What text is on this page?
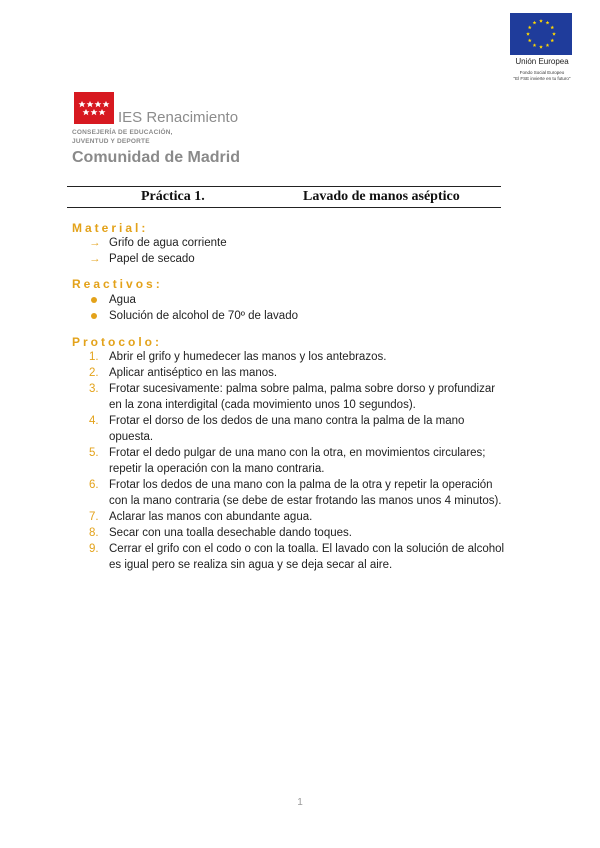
Unión Europea
Fondo Social Europeo
"El FSE invierte en tu futuro"
IES Renacimiento
CONSEJERÍA DE EDUCACIÓN,
JUVENTUD Y DEPORTE
Comunidad de Madrid
Práctica 1.	Lavado de manos aséptico
Material:
→ Grifo de agua corriente
→ Papel de secado
Reactivos:
Agua
Solución de alcohol de 70º de lavado
Protocolo:
1. Abrir el grifo y humedecer las manos y los antebrazos.
2. Aplicar antiséptico en las manos.
3. Frotar sucesivamente: palma sobre palma, palma sobre dorso y profundizar
en la zona interdigital (cada movimiento unos 10 segundos).
4. Frotar el dorso de los dedos de una mano contra la palma de la mano
opuesta.
5. Frotar el dedo pulgar de una mano con la otra, en movimientos circulares;
repetir la operación con la mano contraria.
6. Frotar los dedos de una mano con la palma de la otra y repetir la operación
con la mano contraria (se debe de estar frotando las manos unos 4 minutos).
7. Aclarar las manos con abundante agua.
8. Secar con una toalla desechable dando toques.
9. Cerrar el grifo con el codo o con la toalla. El lavado con la solución de alcohol
es igual pero se realiza sin agua y se deja secar al aire.
1
